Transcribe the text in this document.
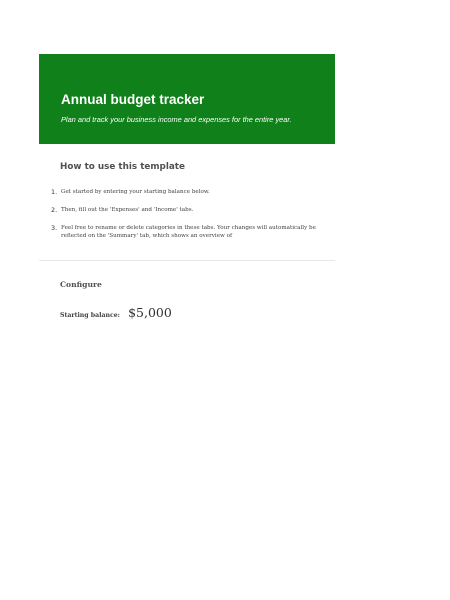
Annual budget tracker
Plan and track your business income and expenses for the entire year.
How to use this template
1. Get started by entering your starting balance below.
2. Then, fill out the 'Expenses' and 'Income' tabs.
3. Feel free to rename or delete categories in these tabs. Your changes will automatically be reflected on the 'Summary' tab, which shows an overview of
Configure
Starting balance: $5,000
